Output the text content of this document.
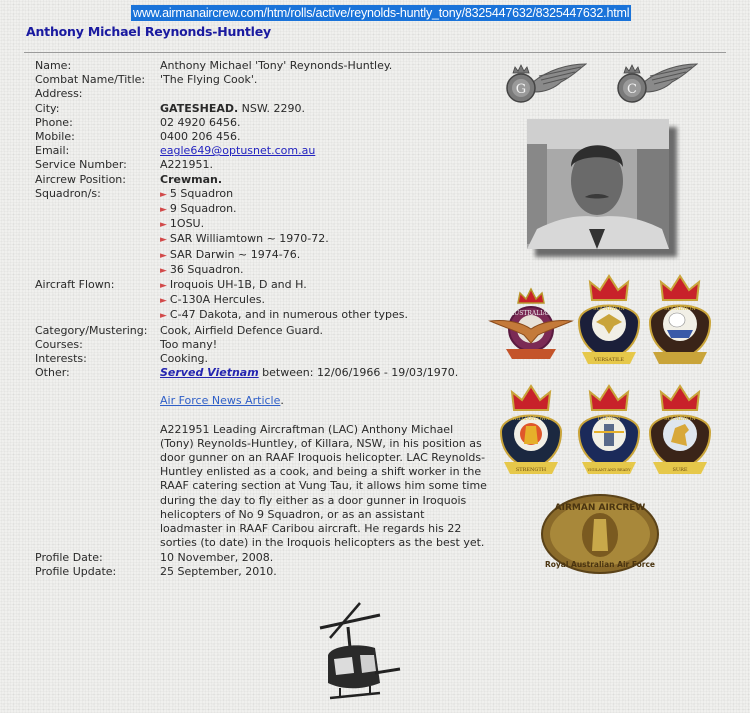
www.airmanaircrew.com/htm/rolls/active/reynolds-huntly_tony/8325447632/8325447632.html
Anthony Michael Reynonds-Huntley
Name:	Anthony Michael 'Tony' Reynonds-Huntley.
Combat Name/Title:	'The Flying Cook'.
Address:
City:	GATESHEAD. NSW. 2290.
Phone:	02 4920 6456.
Mobile:	0400 206 456.
Email:	eagle649@optusnet.com.au
Service Number:	A221951.
Aircrew Position:	Crewman.
Squadron/s:	► 5 Squadron
► 9 Squadron.
► 1OSU.
► SAR Williamtown ~ 1970-72.
► SAR Darwin ~ 1974-76.
► 36 Squadron.
Aircraft Flown:	► Iroquois UH-1B, D and H.
► C-130A Hercules.
► C-47 Dakota, and in numerous other types.
Category/Mustering:	Cook, Airfield Defence Guard.
Courses:	Too many!
Interests:	Cooking.
Other:	Served Vietnam between: 12/06/1966 - 19/03/1970.
Air Force News Article.
A221951 Leading Aircraftman (LAC) Anthony Michael (Tony) Reynolds-Huntley, of Killara, NSW, in his position as door gunner on an RAAF Iroquois helicopter. LAC Reynolds-Huntley enlisted as a cook, and being a shift worker in the RAAF catering section at Vung Tau, it allows him some time during the day to fly either as a door gunner in Iroquois helicopters of No 9 Squadron, or as an assistant loadmaster in RAAF Caribou aircraft. He regards his 22 sorties (to date) in the Iroquois helicopters as the best yet.
Profile Date:	10 November, 2008.
Profile Update:	25 September, 2010.
G	C
AUSTRALIAN
SQUADRON
VERSATILE
SQUADRON
WILLIAMTOWN
STRENGTH
DARWIN
VIGILANT AND READY
SQUADRON
SURE
AIRMAN AIRCREW
Royal Australian Air Force
